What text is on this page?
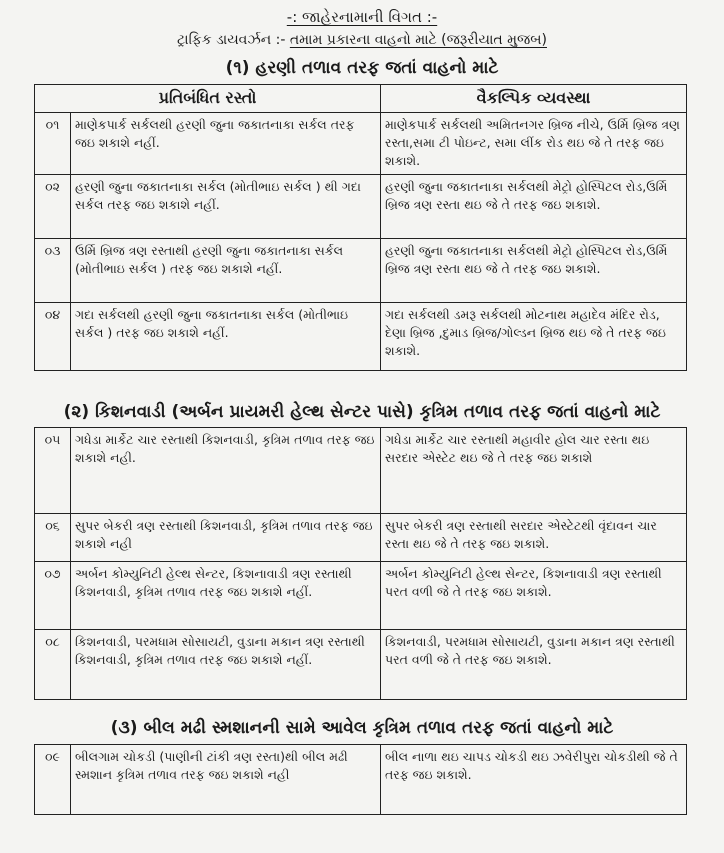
-: જાહેરનામાની વિગત :-
ટ્રાફિક ડાયવર્ઝન :- તમામ પ્રકારના વાહનો માટે (જરૂરીયાત મુજબ)
(૧) હરણી તળાવ તરફ જતાં વાહનો માટે
પ્રતિબંધિત રસ્તો		વૈકલ્પિક વ્યવસ્થા
૦૧	માણેકપાર્ક સર્કલથી હરણી જુના જકાતનાકા સર્કલ તરફ જઇ શકાશે નહીં.	માણેકપાર્ક સર્કલથી અમિતનગર બ્રિજ નીચે, ઉર્મિ બ્રિજ ત્રણ રસ્તા,સમા ટી પોઇન્ટ, સમા લીંક રોડ થઇ જે તે તરફ જઇ શકાશે.
૦૨	હરણી જુના જકાતનાકા સર્કલ (મોતીભાઇ સર્કલ ) થી ગદા સર્કલ તરફ જઇ શકાશે નહીં.	હરણી જુના જકાતનાકા સર્કલથી મેટ્રો હોસ્પિટલ રોડ,ઉર્મિ બ્રિજ ત્રણ રસ્તા થઇ જે તે તરફ જઇ શકાશે.
૦૩	ઉર્મિ બ્રિજ ત્રણ રસ્તાથી હરણી જુના જકાતનાકા સર્કલ (મોતીભાઇ સર્કલ ) તરફ જઇ શકાશે નહીં.	હરણી જુના જકાતનાકા સર્કલથી મેટ્રો હોસ્પિટલ રોડ,ઉર્મિ બ્રિજ ત્રણ રસ્તા થઇ જે તે તરફ જઇ શકાશે.
૦૪	ગદા સર્કલથી હરણી જુના જકાતનાકા સર્કલ (મોતીભાઇ સર્કલ ) તરફ જઇ શકાશે નહીં.	ગદા સર્કલથી ડમરૂ સર્કલથી મોટનાથ મહાદેવ મંદિર રોડ, દેણા બ્રિજ ,દુમાડ બ્રિજ/ગોલ્ડન બ્રિજ થઇ જે તે તરફ જઇ શકાશે.
(૨) કિશનવાડી (અર્બન પ્રાયમરી હેલ્થ સેન્ટર પાસે) કૃત્રિમ તળાવ તરફ જતાં વાહનો માટે
૦૫	ગધેડા માર્કેટ ચાર રસ્તાથી કિશનવાડી, કૃત્રિમ તળાવ તરફ જઇ શકાશે નહી.	ગધેડા માર્કેટ ચાર રસ્તાથી મહાવીર હોલ ચાર રસ્તા થઇ સરદાર એસ્ટેટ થઇ જે તે તરફ જઇ શકાશે
૦૬	સુપર બેકરી ત્રણ રસ્તાથી કિશનવાડી, કૃત્રિમ તળાવ તરફ જઇ શકાશે નહી	સુપર બેકરી ત્રણ રસ્તાથી સરદાર એસ્ટેટથી વૃંદાવન ચાર રસ્તા થઇ જે તે તરફ જઇ શકાશે.
૦૭	અર્બન કોમ્યુનિટી હેલ્થ સેન્ટર, કિશનાવાડી ત્રણ રસ્તાથી કિશનવાડી, કૃત્રિમ તળાવ તરફ જઇ શકાશે નહીં.	અર્બન કોમ્યુનિટી હેલ્થ સેન્ટર, કિશનાવાડી ત્રણ રસ્તાથી પરત વળી જે તે તરફ જઇ શકાશે.
૦૮	કિશનવાડી, પરમધામ સોસાયટી, વુડાના મકાન ત્રણ રસ્તાથી કિશનવાડી, કૃત્રિમ તળાવ તરફ જઇ શકાશે નહીં.	કિશનવાડી, પરમધામ સોસાયટી, વુડાના મકાન ત્રણ રસ્તાથી પરત વળી જે તે તરફ જઇ શકાશે.
(૩) બીલ મઢી સ્મશાનની સામે આવેલ કૃત્રિમ તળાવ તરફ જતાં વાહનો માટે
૦૯	બીલગામ ચોકડી (પાણીની ટાંકી ત્રણ રસ્તા)થી બીલ મઢી સ્મશાન કૃત્રિમ તળાવ તરફ જઇ શકાશે નહી	બીલ નાળા થઇ ચાપડ ચોકડી થઇ ઝવેરીપુરા ચોકડીથી જે તે તરફ જઇ શકાશે.
